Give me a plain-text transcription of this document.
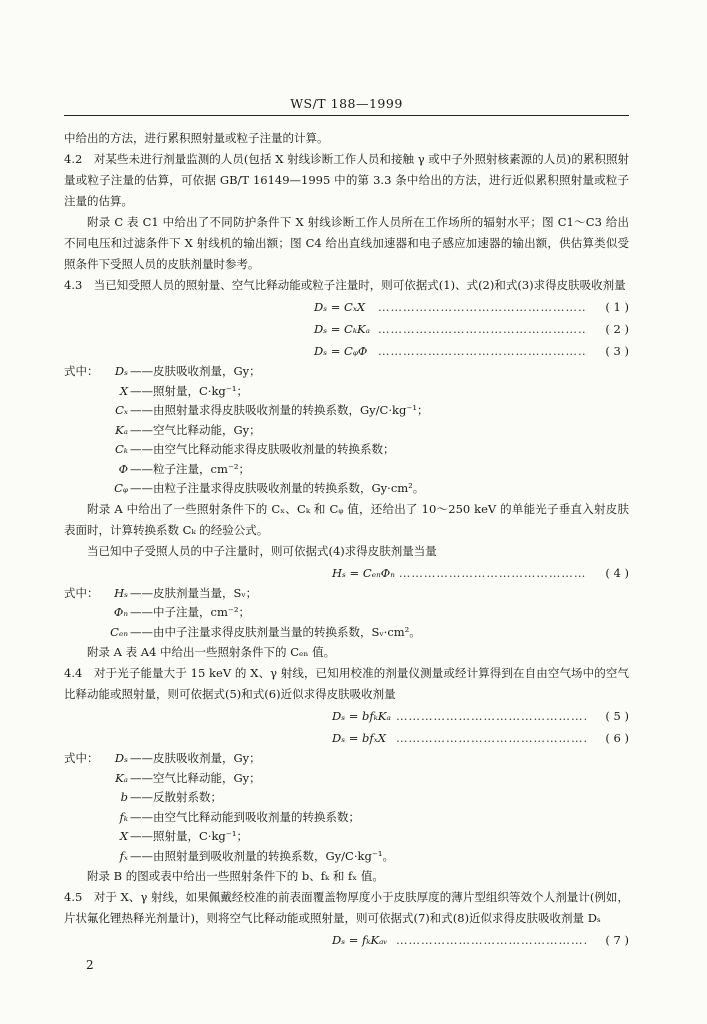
WS/T 188—1999

中给出的方法，进行累积照射量或粒子注量的计算。

4.2　对某些未进行剂量监测的人员(包括 X 射线诊断工作人员和接触 γ 或中子外照射核素源的人员)的累积照射量或粒子注量的估算，可依据 GB/T 16149—1995 中的第 3.3 条中给出的方法，进行近似累积照射量或粒子注量的估算。

附录 C 表 C1 中给出了不同防护条件下 X 射线诊断工作人员所在工作场所的辐射水平；图 C1～C3 给出不同电压和过滤条件下 X 射线机的输出额；图 C4 给出直线加速器和电子感应加速器的输出额，供估算类似受照条件下受照人员的皮肤剂量时参考。

4.3　当已知受照人员的照射量、空气比释动能或粒子注量时，则可依据式(1)、式(2)和式(3)求得皮肤吸收剂量

Dₛ = CₓX ……………………………………………………………………………………………………	( 1 )
Dₛ = CₖKₐ ……………………………………………………………………………………………………	( 2 )
Dₛ = CᵩΦ ……………………………………………………………………………………………………	( 3 )
式中： Dₛ ——皮肤吸收剂量，Gy；
X ——照射量，C·kg⁻¹；
Cₓ ——由照射量求得皮肤吸收剂量的转换系数，Gy/C·kg⁻¹；
Kₐ ——空气比释动能，Gy；
Cₖ ——由空气比释动能求得皮肤吸收剂量的转换系数；
Φ ——粒子注量，cm⁻²；
Cᵩ ——由粒子注量求得皮肤吸收剂量的转换系数，Gy·cm²。

附录 A 中给出了一些照射条件下的 Cₓ、Cₖ 和 Cᵩ 值，还给出了 10～250 keV 的单能光子垂直入射皮肤表面时，计算转换系数 Cₖ 的经验公式。

当已知中子受照人员的中子注量时，则可依据式(4)求得皮肤剂量当量

Hₛ = CₑₙΦₙ ……………………………………………………………………………………………………	( 4 )
式中： Hₛ ——皮肤剂量当量，Sᵥ；
Φₙ ——中子注量，cm⁻²；
Cₑₙ ——由中子注量求得皮肤剂量当量的转换系数，Sᵥ·cm²。

附录 A 表 A4 中给出一些照射条件下的 Cₑₙ 值。

4.4　对于光子能量大于 15 keV 的 X、γ 射线，已知用校准的剂量仪测量或经计算得到在自由空气场中的空气比释动能或照射量，则可依据式(5)和式(6)近似求得皮肤吸收剂量

Dₛ = bfₖKₐ ……………………………………………………………………………………………………	( 5 )
Dₛ = bfₓX ……………………………………………………………………………………………………	( 6 )
式中： Dₛ ——皮肤吸收剂量，Gy；
Kₐ ——空气比释动能，Gy；
b ——反散射系数；
fₖ ——由空气比释动能到吸收剂量的转换系数；
X ——照射量，C·kg⁻¹；
fₓ ——由照射量到吸收剂量的转换系数，Gy/C·kg⁻¹。

附录 B 的图或表中给出一些照射条件下的 b、fₖ 和 fₓ 值。

4.5　对于 X、γ 射线，如果佩戴经校准的前表面覆盖物厚度小于皮肤厚度的薄片型组织等效个人剂量计(例如，片状氟化锂热释光剂量计)，则将空气比释动能或照射量，则可依据式(7)和式(8)近似求得皮肤吸收剂量 Dₛ

Dₛ = fₖKₐᵥ ……………………………………………………………………………………………………	( 7 )
2
